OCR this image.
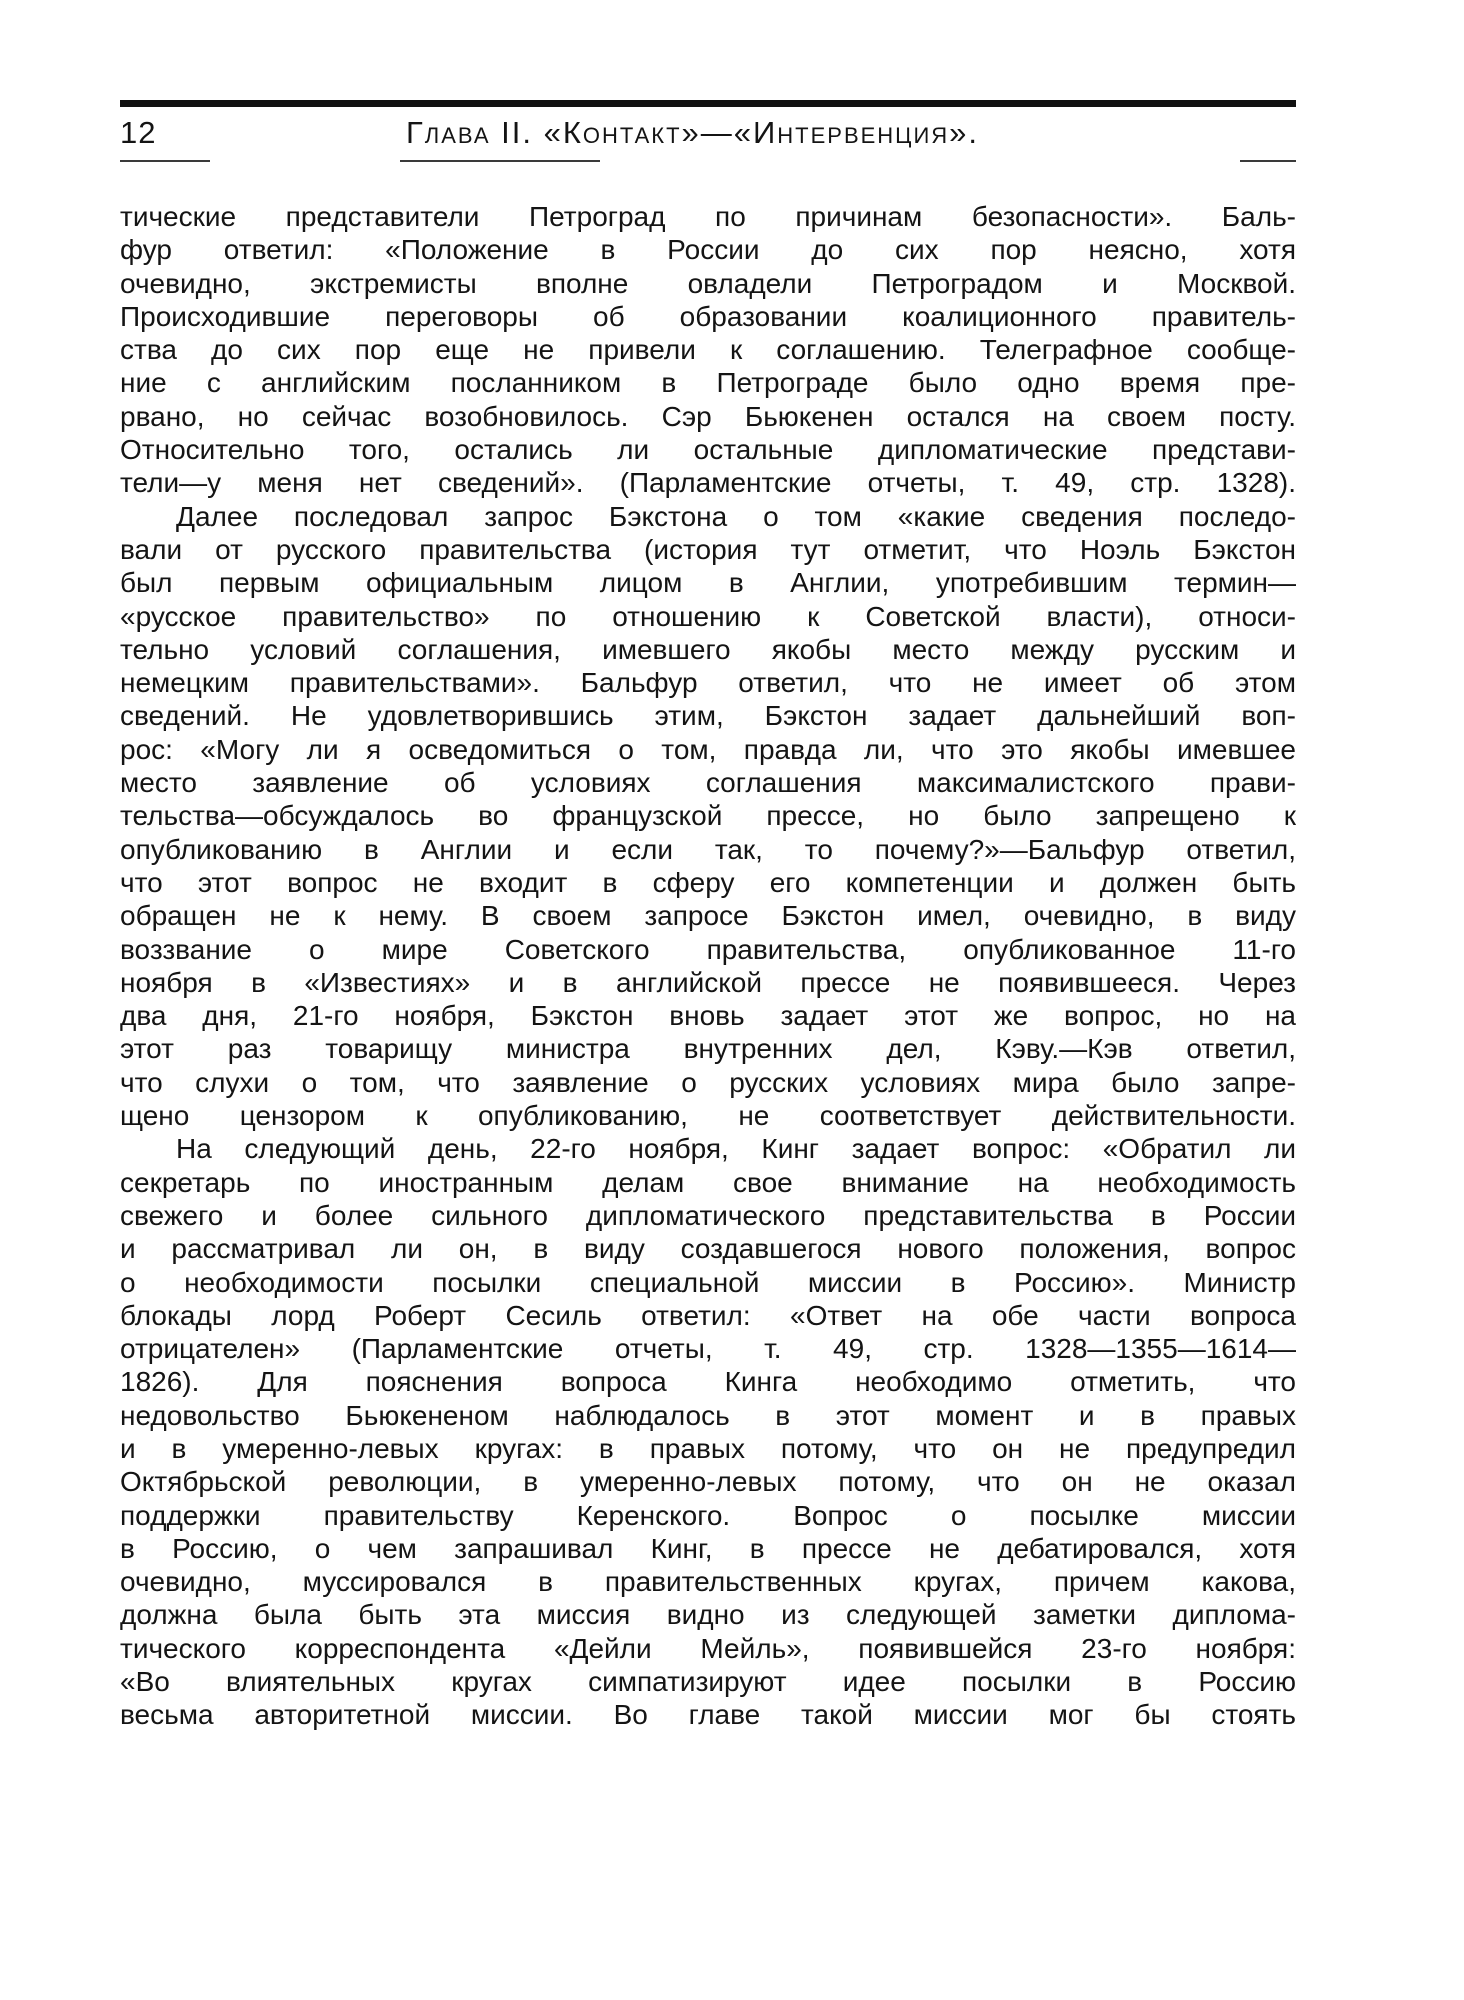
12	Глава II. «Контакт»—«Интервенция».
тические представители Петроград по причинам безопасности». Баль-
фур ответил: «Положение в России до сих пор неясно, хотя
очевидно, экстремисты вполне овладели Петроградом и Москвой.
Происходившие переговоры об образовании коалиционного правитель-
ства до сих пор еще не привели к соглашению. Телеграфное сообще-
ние с английским посланником в Петрограде было одно время пре-
рвано, но сейчас возобновилось. Сэр Бьюкенен остался на своем посту.
Относительно того, остались ли остальные дипломатические представи-
тели—у меня нет сведений». (Парламентские отчеты, т. 49, стр. 1328).
Далее последовал запрос Бэкстона о том «какие сведения последо-
вали от русского правительства (история тут отметит, что Ноэль Бэкстон
был первым официальным лицом в Англии, употребившим термин—
«русское правительство» по отношению к Советской власти), относи-
тельно условий соглашения, имевшего якобы место между русским и
немецким правительствами». Бальфур ответил, что не имеет об этом
сведений. Не удовлетворившись этим, Бэкстон задает дальнейший воп-
рос: «Могу ли я осведомиться о том, правда ли, что это якобы имевшее
место заявление об условиях соглашения максималистского прави-
тельства—обсуждалось во французской прессе, но было запрещено к
опубликованию в Англии и если так, то почему?»—Бальфур ответил,
что этот вопрос не входит в сферу его компетенции и должен быть
обращен не к нему. В своем запросе Бэкстон имел, очевидно, в виду
воззвание о мире Советского правительства, опубликованное 11-го
ноября в «Известиях» и в английской прессе не появившееся. Через
два дня, 21-го ноября, Бэкстон вновь задает этот же вопрос, но на
этот раз товарищу министра внутренних дел, Кэву.—Кэв ответил,
что слухи о том, что заявление о русских условиях мира было запре-
щено цензором к опубликованию, не соответствует действительности.
На следующий день, 22-го ноября, Кинг задает вопрос: «Обратил ли
секретарь по иностранным делам свое внимание на необходимость
свежего и более сильного дипломатического представительства в России
и рассматривал ли он, в виду создавшегося нового положения, вопрос
о необходимости посылки специальной миссии в Россию». Министр
блокады лорд Роберт Сесиль ответил: «Ответ на обе части вопроса
отрицателен» (Парламентские отчеты, т. 49, стр. 1328—1355—1614—
1826). Для пояснения вопроса Кинга необходимо отметить, что
недовольство Бьюкененом наблюдалось в этот момент и в правых
и в умеренно-левых кругах: в правых потому, что он не предупредил
Октябрьской революции, в умеренно-левых потому, что он не оказал
поддержки правительству Керенского. Вопрос о посылке миссии
в Россию, о чем запрашивал Кинг, в прессе не дебатировался, хотя
очевидно, муссировался в правительственных кругах, причем какова,
должна была быть эта миссия видно из следующей заметки диплома-
тического корреспондента «Дейли Мейль», появившейся 23-го ноября:
«Во влиятельных кругах симпатизируют идее посылки в Россию
весьма авторитетной миссии. Во главе такой миссии мог бы стоять
